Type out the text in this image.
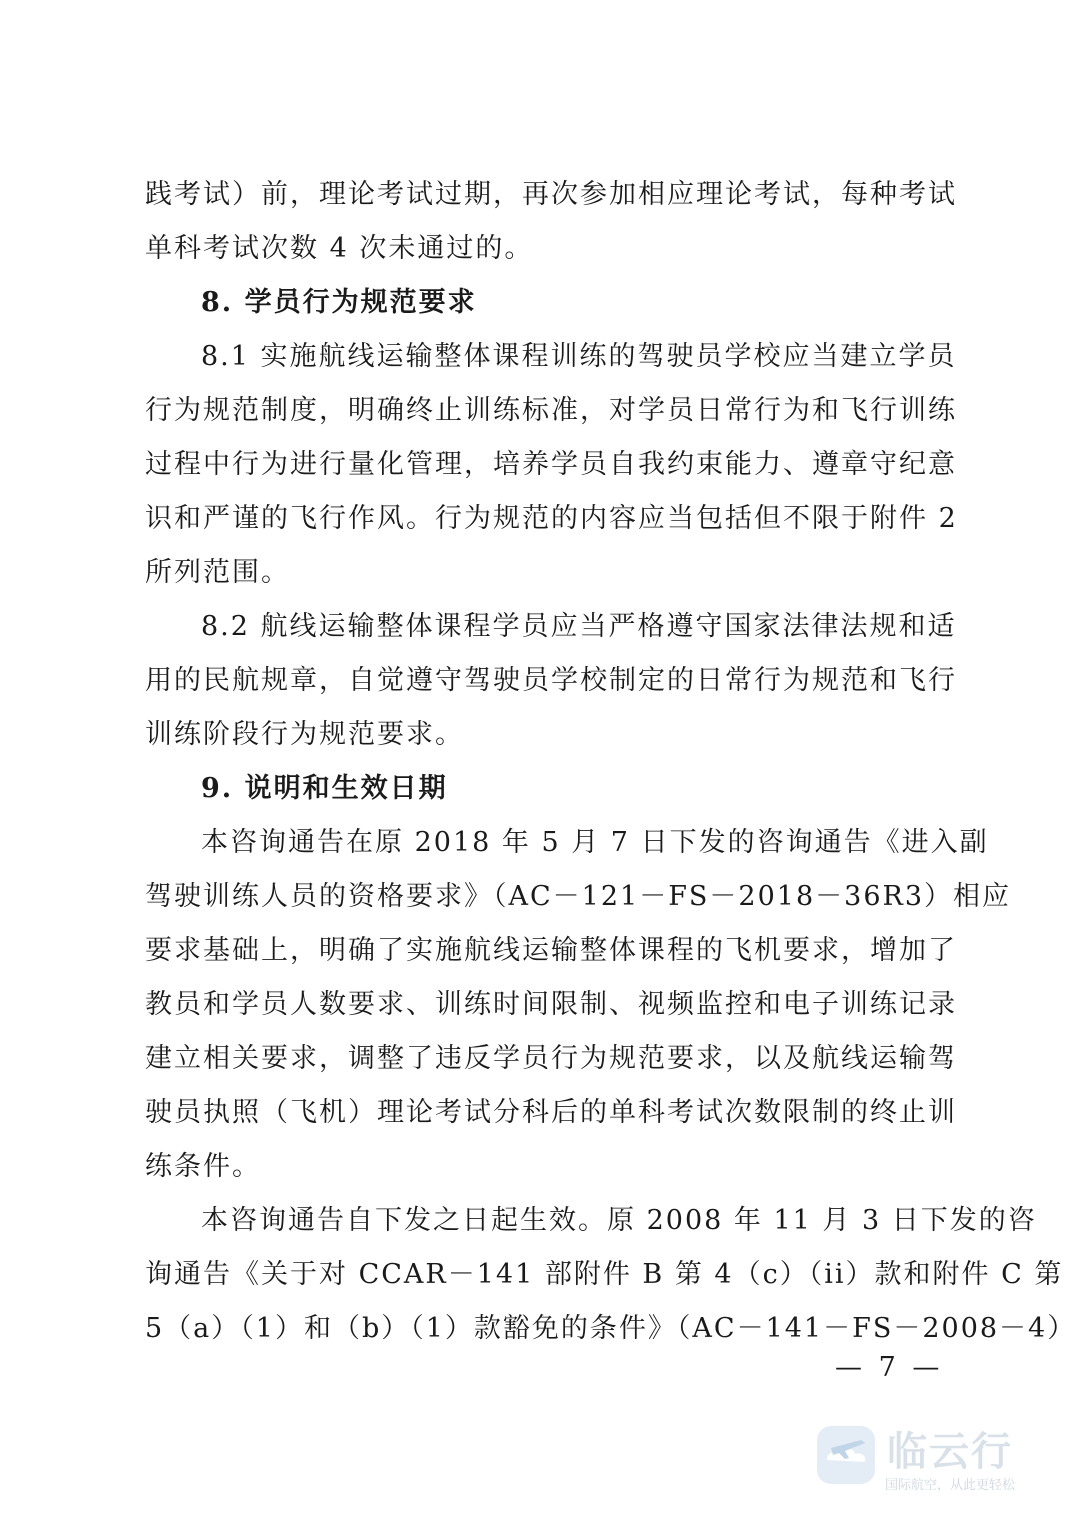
践考试）前，理论考试过期，再次参加相应理论考试，每种考试
单科考试次数 4 次未通过的。
8. 学员行为规范要求
8.1 实施航线运输整体课程训练的驾驶员学校应当建立学员
行为规范制度，明确终止训练标准，对学员日常行为和飞行训练
过程中行为进行量化管理，培养学员自我约束能力、遵章守纪意
识和严谨的飞行作风。行为规范的内容应当包括但不限于附件 2
所列范围。
8.2 航线运输整体课程学员应当严格遵守国家法律法规和适
用的民航规章，自觉遵守驾驶员学校制定的日常行为规范和飞行
训练阶段行为规范要求。
9. 说明和生效日期
本咨询通告在原 2018 年 5 月 7 日下发的咨询通告《进入副
驾驶训练人员的资格要求》（AC－121－FS－2018－36R3）相应
要求基础上，明确了实施航线运输整体课程的飞机要求，增加了
教员和学员人数要求、训练时间限制、视频监控和电子训练记录
建立相关要求，调整了违反学员行为规范要求，以及航线运输驾
驶员执照（飞机）理论考试分科后的单科考试次数限制的终止训
练条件。
本咨询通告自下发之日起生效。原 2008 年 11 月 3 日下发的咨
询通告《关于对 CCAR－141 部附件 B 第 4（c）（ii）款和附件 C 第
5（a）（1）和（b）（1）款豁免的条件》（AC－141－FS－2008－4）
— 7 —
临云行
国际航空，从此更轻松
